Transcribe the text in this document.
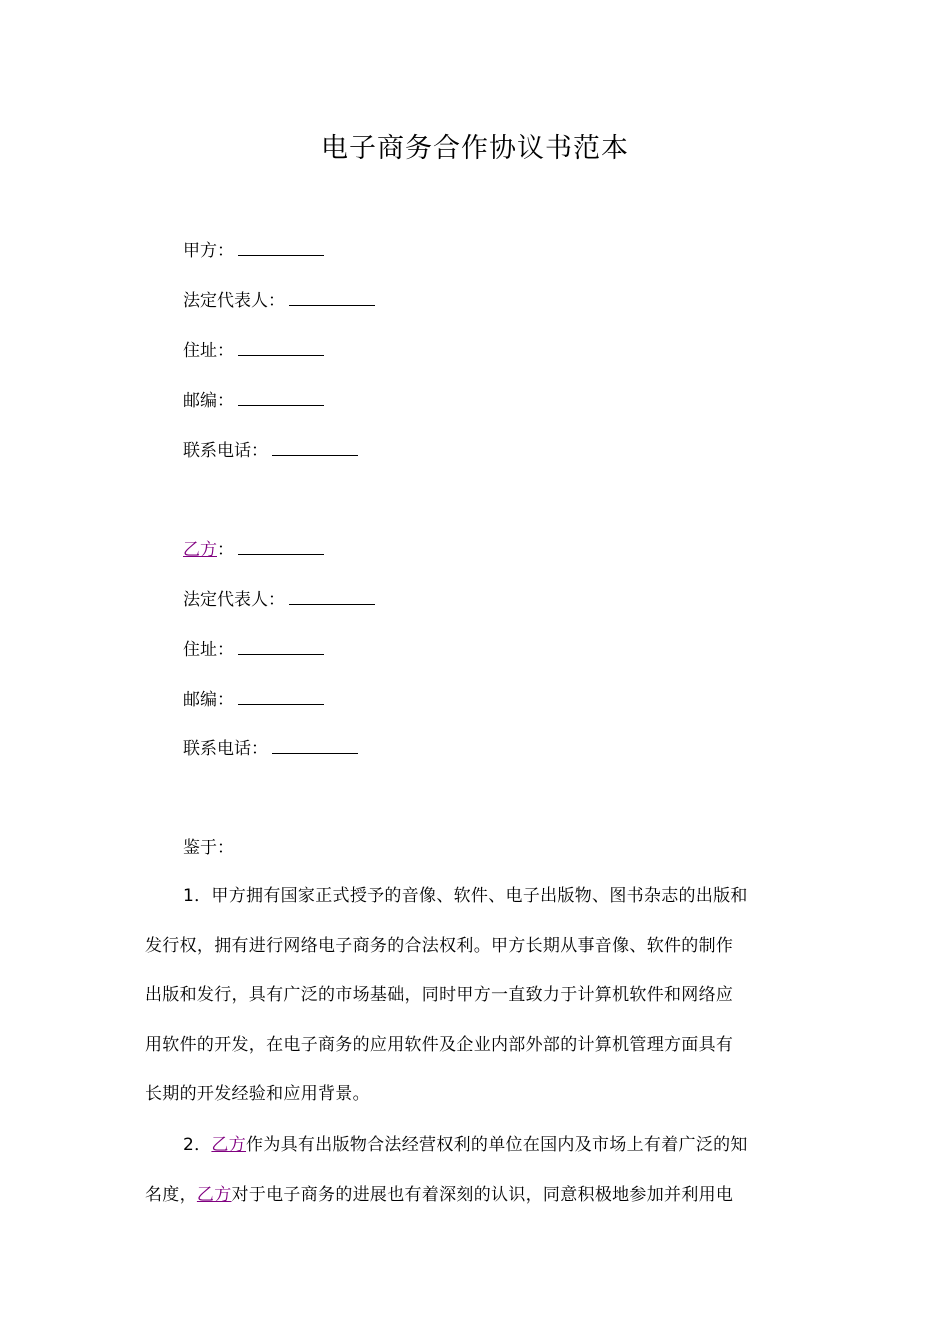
电子商务合作协议书范本
甲方：
法定代表人：
住址：
邮编：
联系电话：
乙方：
法定代表人：
住址：
邮编：
联系电话：
鉴于：
1．甲方拥有国家正式授予的音像、软件、电子出版物、图书杂志的出版和
发行权，拥有进行网络电子商务的合法权利。甲方长期从事音像、软件的制作
出版和发行，具有广泛的市场基础，同时甲方一直致力于计算机软件和网络应
用软件的开发，在电子商务的应用软件及企业内部外部的计算机管理方面具有
长期的开发经验和应用背景。
2．乙方作为具有出版物合法经营权利的单位在国内及市场上有着广泛的知
名度，乙方对于电子商务的进展也有着深刻的认识，同意积极地参加并利用电
